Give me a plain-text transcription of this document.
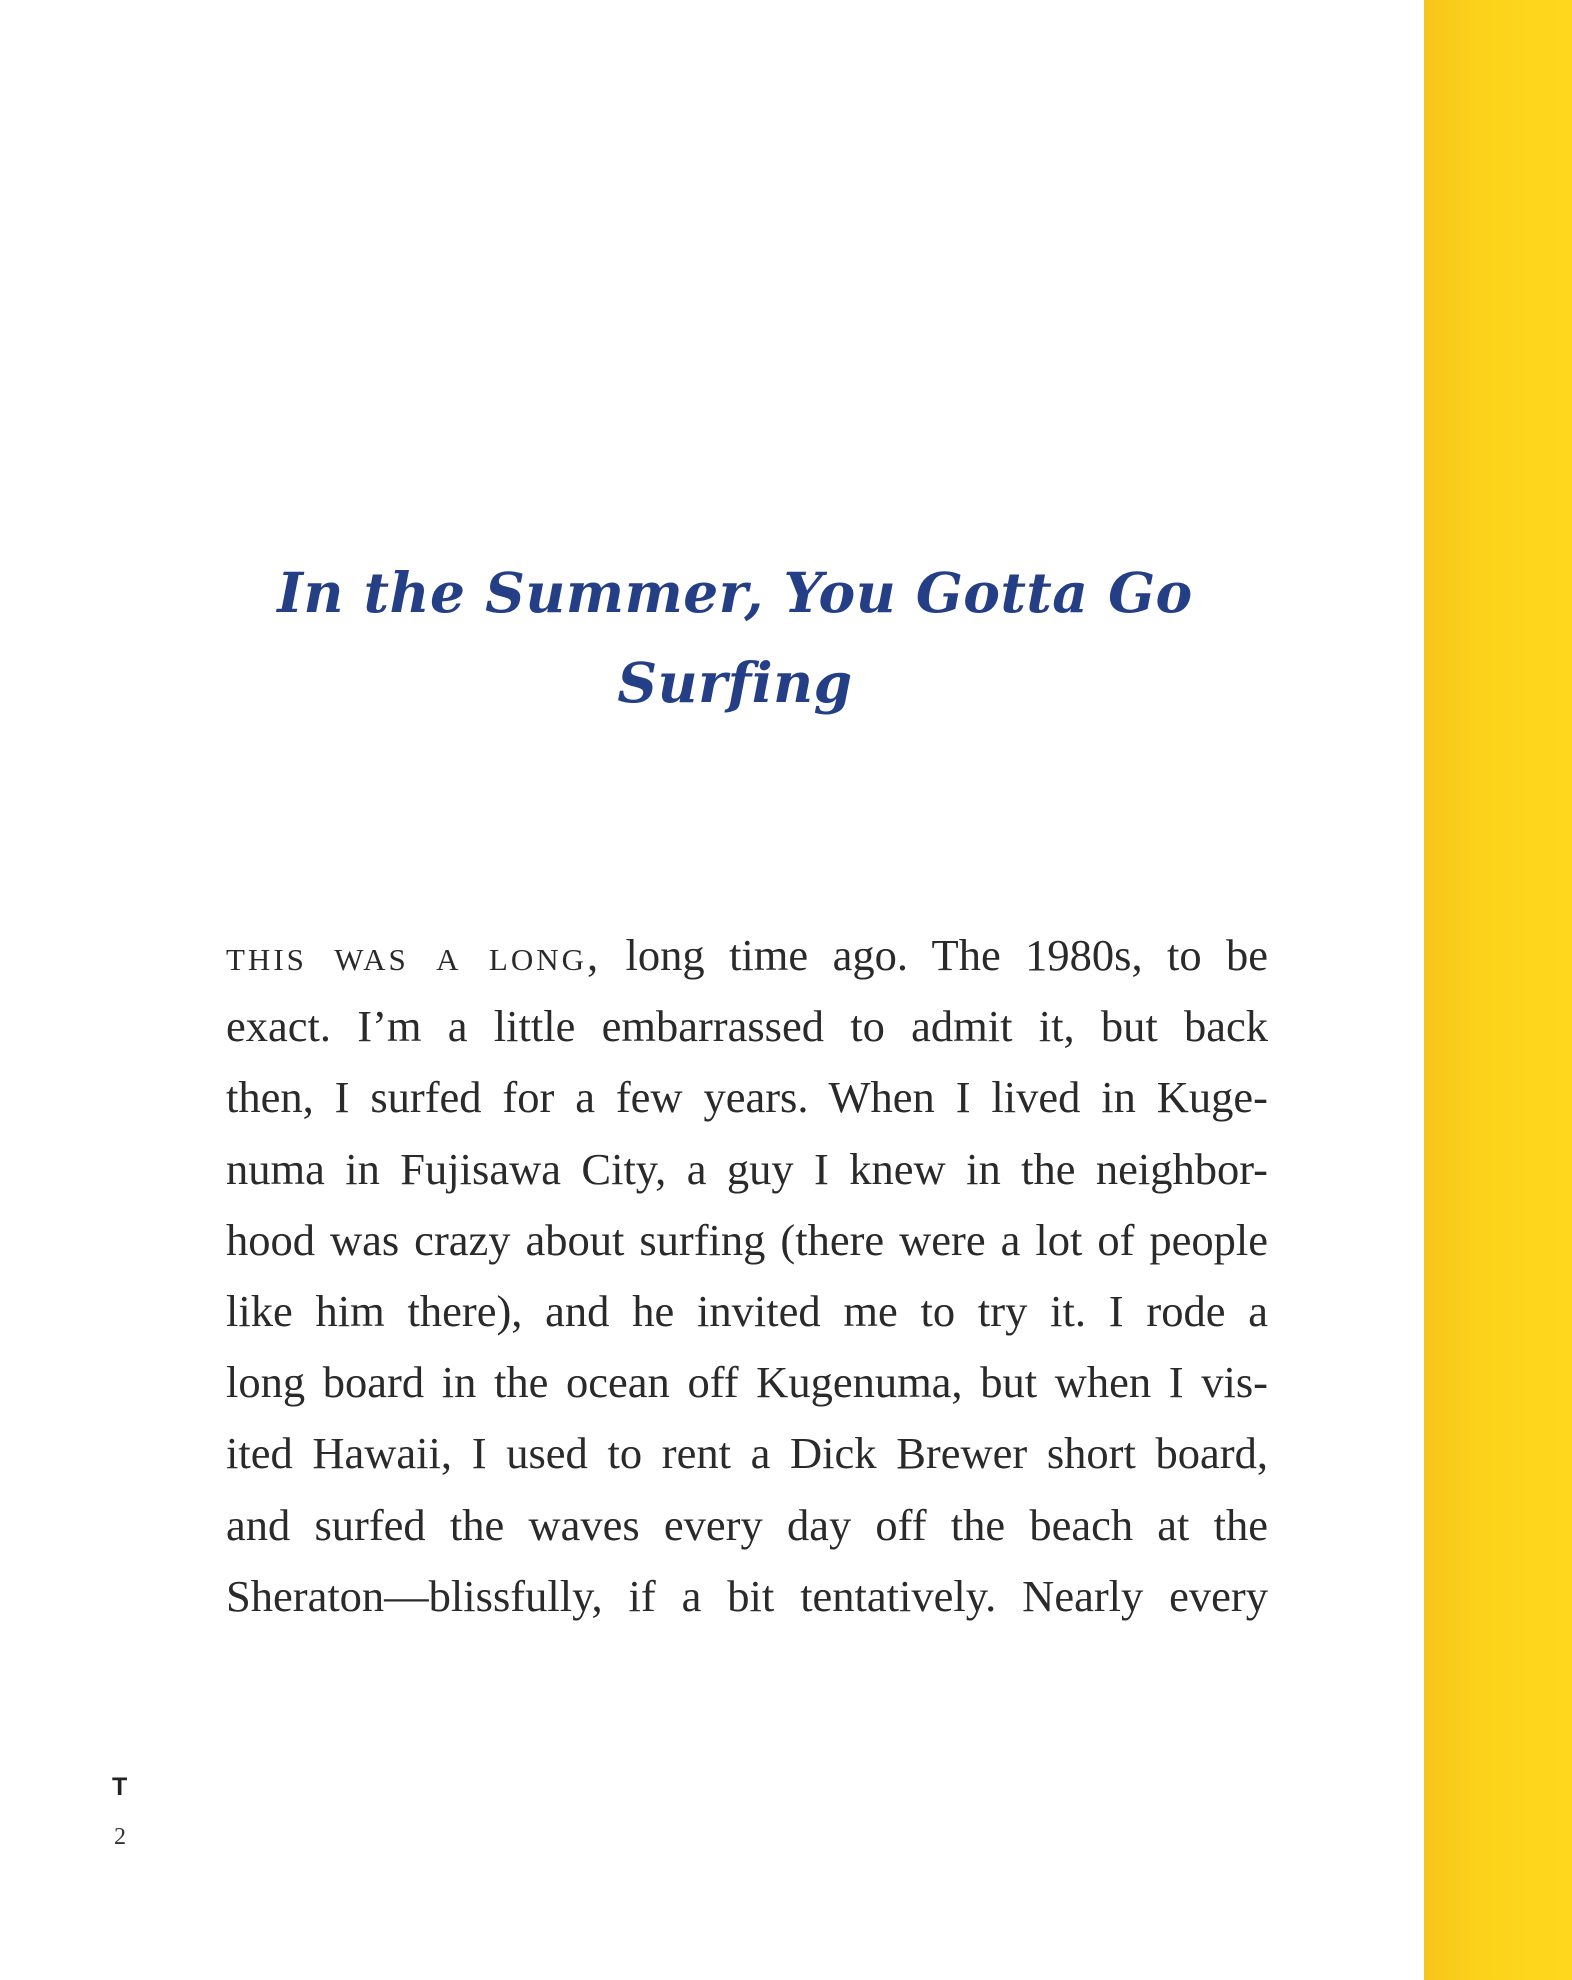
In the Summer, You Gotta Go Surfing
this was a long, long time ago. The 1980s, to be
exact. I’m a little embarrassed to admit it, but back
then, I surfed for a few years. When I lived in Kuge-
numa in Fujisawa City, a guy I knew in the neighbor-
hood was crazy about surfing (there were a lot of people
like him there), and he invited me to try it. I rode a
long board in the ocean off Kugenuma, but when I vis-
ited Hawaii, I used to rent a Dick Brewer short board,
and surfed the waves every day off the beach at the
Sheraton—blissfully, if a bit tentatively. Nearly every
T
2
